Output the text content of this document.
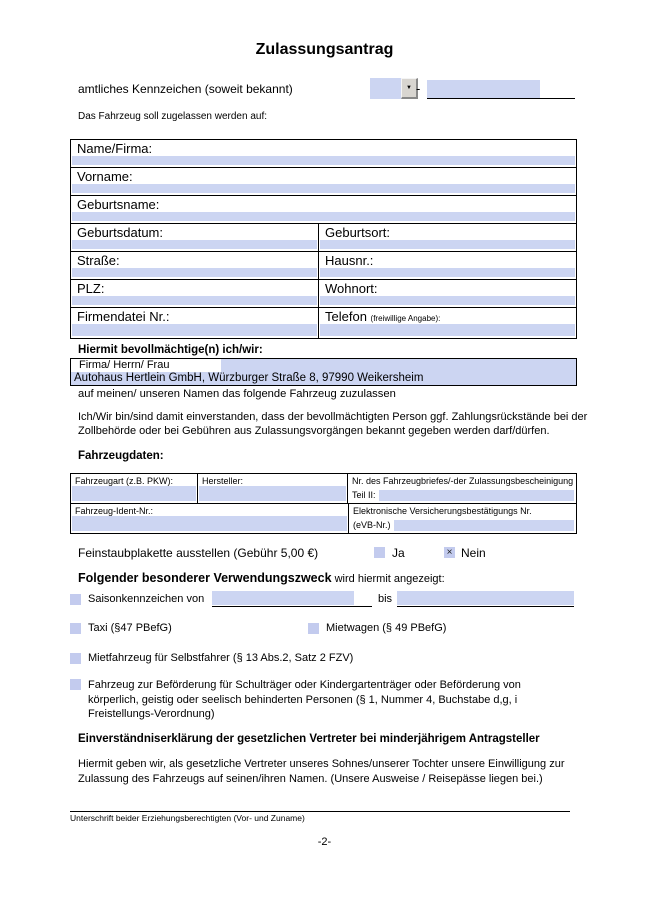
Zulassungsantrag
amtliches Kennzeichen (soweit bekannt)	▼ -
Das Fahrzeug soll zugelassen werden auf:
Name/Firma:
Vorname:
Geburtsname:
Geburtsdatum:	Geburtsort:
Straße:	Hausnr.:
PLZ:	Wohnort:
Firmendatei Nr.:	Telefon (freiwillige Angabe):
Hiermit bevollmächtige(n) ich/wir:
Firma/ Herrn/ Frau
Autohaus Hertlein GmbH, Würzburger Straße 8, 97990 Weikersheim
auf meinen/ unseren Namen das folgende Fahrzeug zuzulassen
Ich/Wir bin/sind damit einverstanden, dass der bevollmächtigten Person ggf. Zahlungsrückstände bei der Zollbehörde oder bei Gebühren aus Zulassungsvorgängen bekannt gegeben werden darf/dürfen.
Fahrzeugdaten:
Fahrzeugart (z.B. PKW):	Hersteller:	Nr. des Fahrzeugbriefes/-der Zulassungsbescheinigung
Teil II:
Fahrzeug-Ident-Nr.:	Elektronische Versicherungsbestätigungs Nr.
(eVB-Nr.)
Feinstaubplakette ausstellen (Gebühr 5,00 €)	Ja	× Nein
Folgender besonderer Verwendungszweck wird hiermit angezeigt:
Saisonkennzeichen von	bis
Taxi (§47 PBefG)	Mietwagen (§ 49 PBefG)
Mietfahrzeug für Selbstfahrer (§ 13 Abs.2, Satz 2 FZV)
Fahrzeug zur Beförderung für Schulträger oder Kindergartenträger oder Beförderung von körperlich, geistig oder seelisch behinderten Personen (§ 1, Nummer 4, Buchstabe d,g, i Freistellungs-Verordnung)
Einverständniserklärung der gesetzlichen Vertreter bei minderjährigem Antragsteller
Hiermit geben wir, als gesetzliche Vertreter unseres Sohnes/unserer Tochter unsere Einwilligung zur Zulassung des Fahrzeugs auf seinen/ihren Namen. (Unsere Ausweise / Reisepässe liegen bei.)
Unterschrift beider Erziehungsberechtigten (Vor- und Zuname)
-2-
